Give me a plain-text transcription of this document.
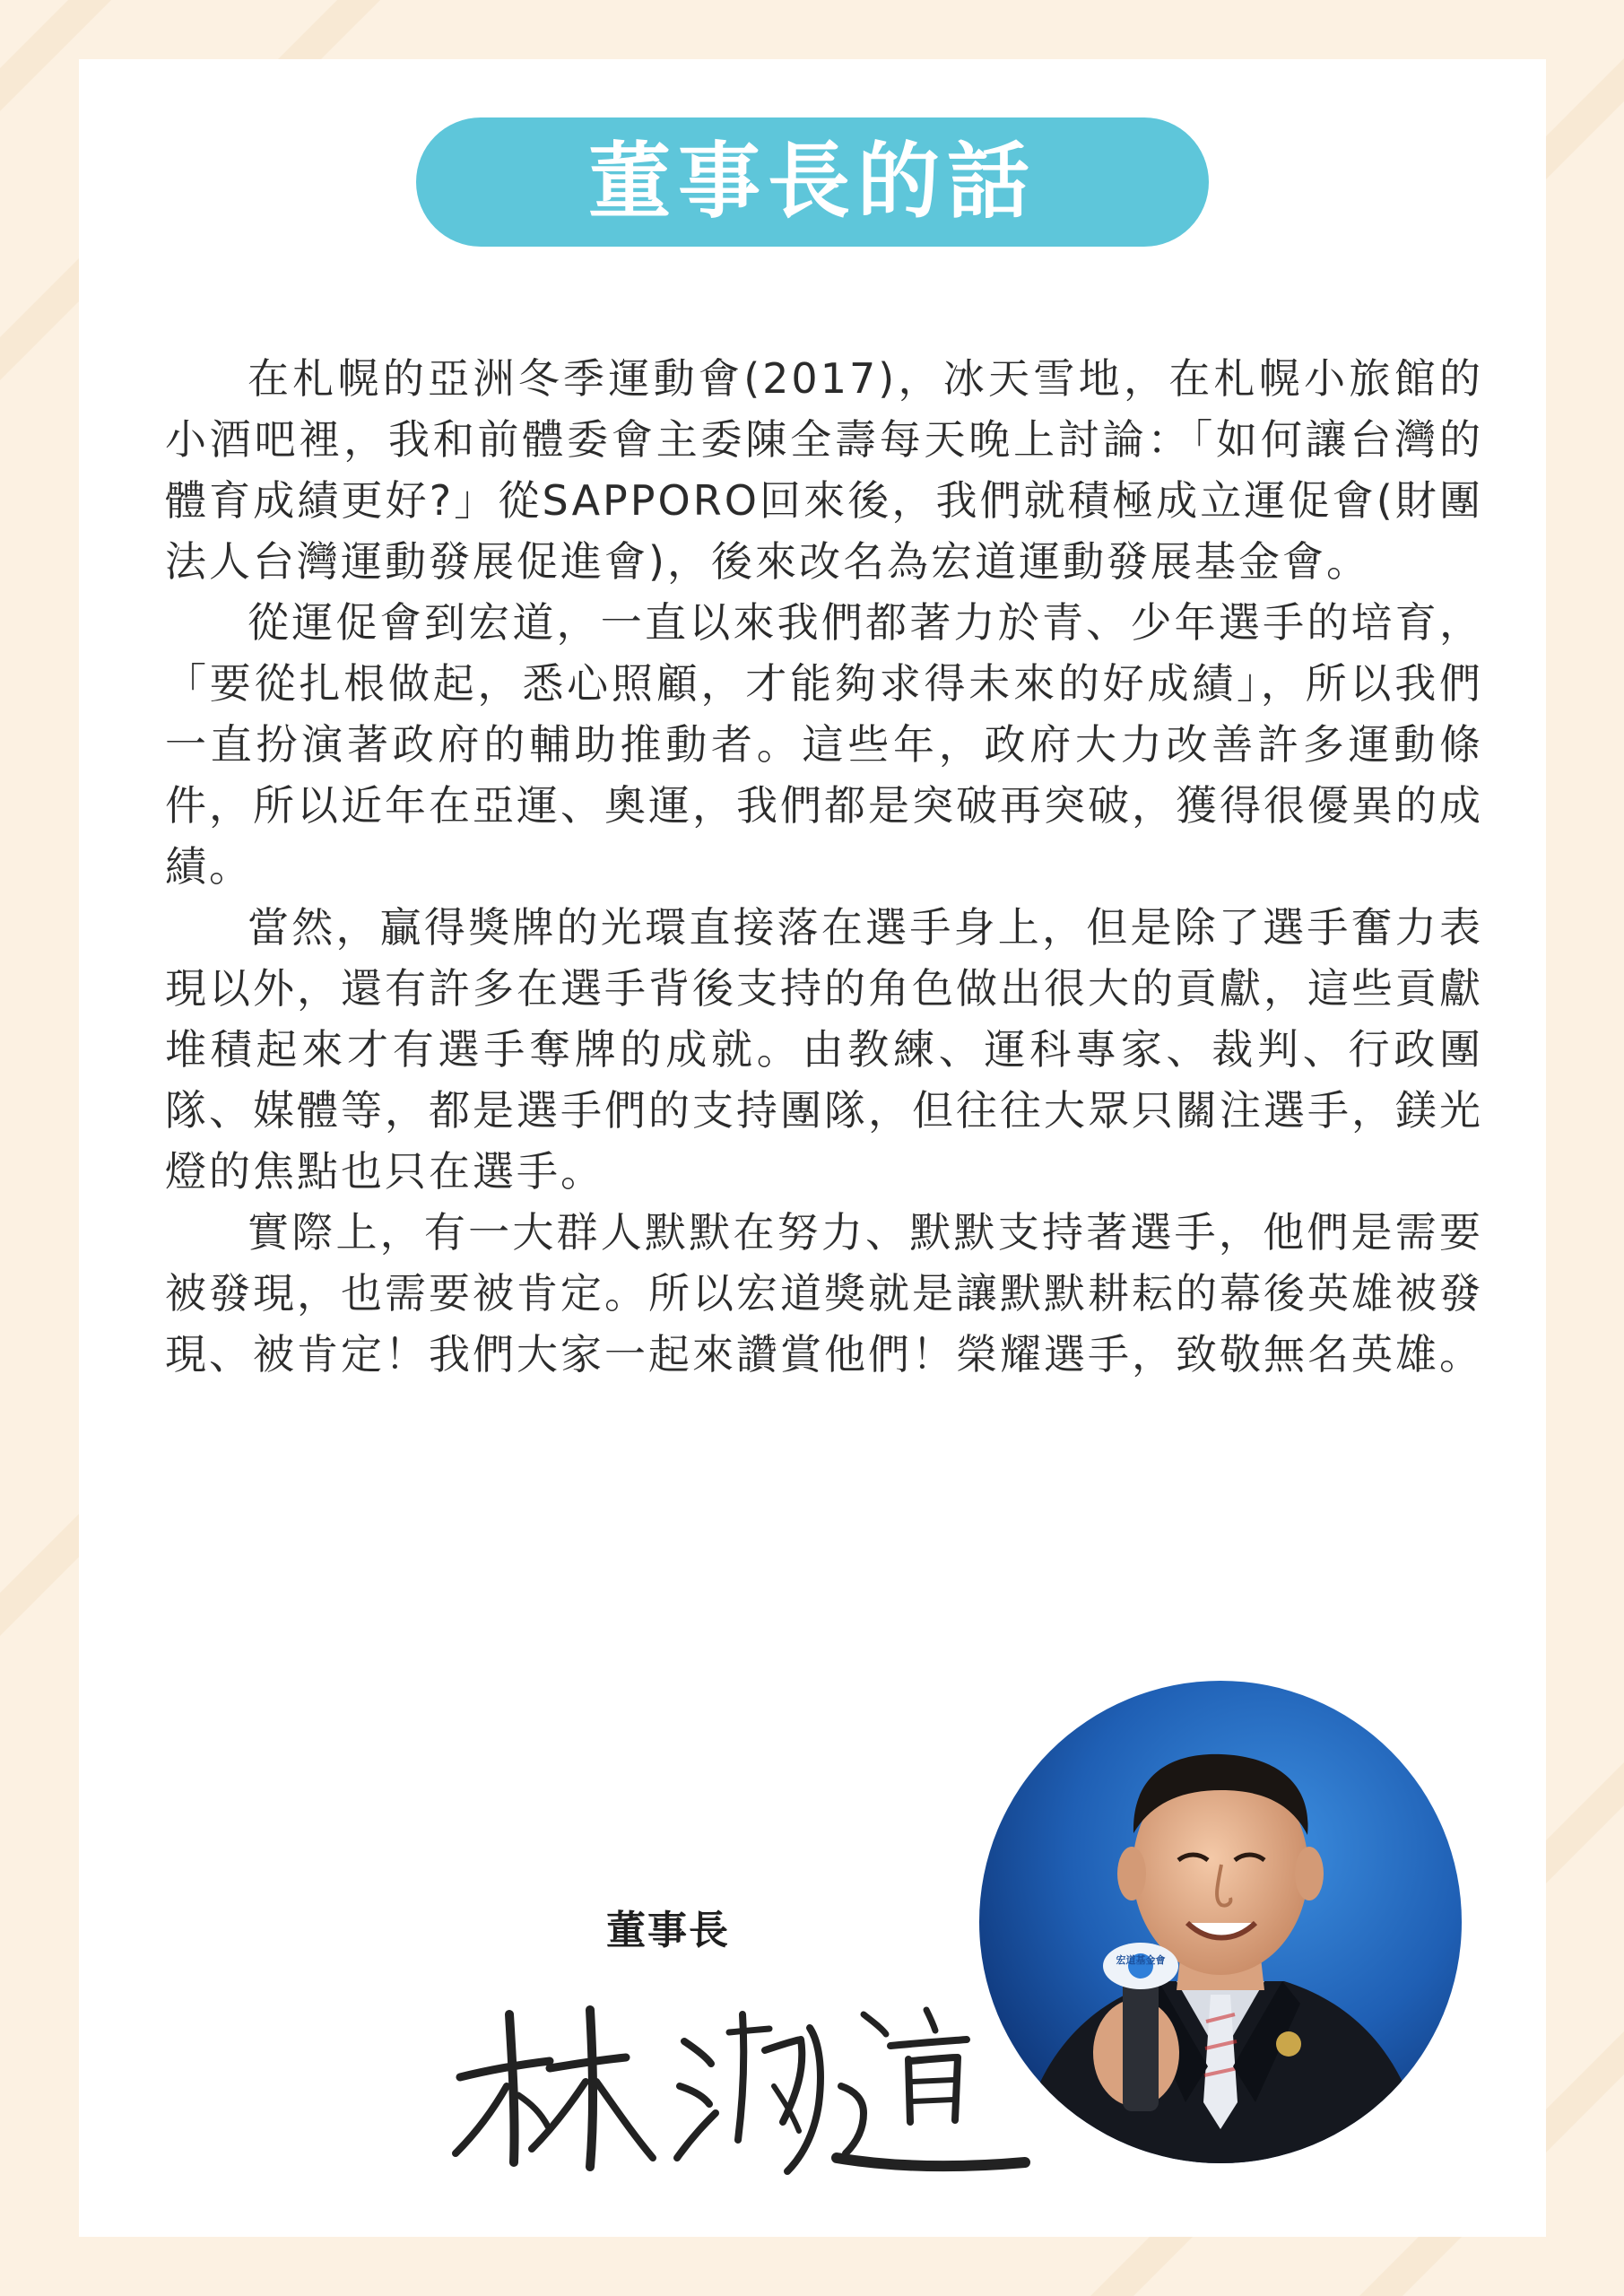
董事長的話

在札幌的亞洲冬季運動會(2017)，冰天雪地，在札幌小旅館的小酒吧裡，我和前體委會主委陳全壽每天晚上討論：「如何讓台灣的體育成績更好?」從SAPPORO回來後，我們就積極成立運促會(財團法人台灣運動發展促進會)，後來改名為宏道運動發展基金會。

從運促會到宏道，一直以來我們都著力於青、少年選手的培育，「要從扎根做起，悉心照顧，才能夠求得未來的好成績」，所以我們一直扮演著政府的輔助推動者。這些年，政府大力改善許多運動條件，所以近年在亞運、奧運，我們都是突破再突破，獲得很優異的成績。

當然，贏得獎牌的光環直接落在選手身上，但是除了選手奮力表現以外，還有許多在選手背後支持的角色做出很大的貢獻，這些貢獻堆積起來才有選手奪牌的成就。由教練、運科專家、裁判、行政團隊、媒體等，都是選手們的支持團隊，但往往大眾只關注選手，鎂光燈的焦點也只在選手。

實際上，有一大群人默默在努力、默默支持著選手，他們是需要被發現，也需要被肯定。所以宏道獎就是讓默默耕耘的幕後英雄被發現、被肯定！我們大家一起來讚賞他們！榮耀選手，致敬無名英雄。

董事長
宏道基金會
